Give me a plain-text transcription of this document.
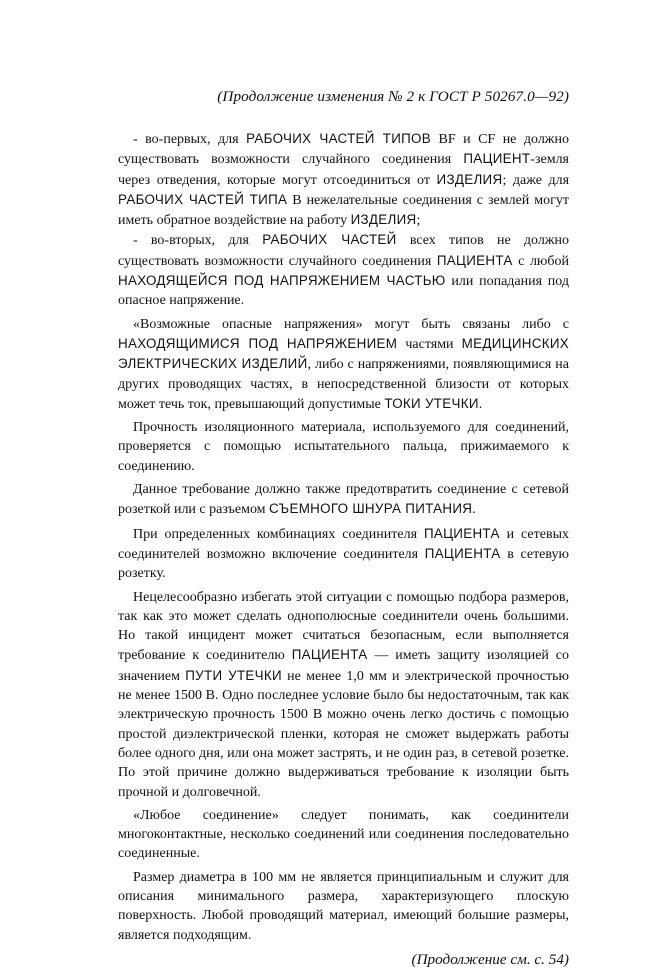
(Продолжение изменения № 2 к ГОСТ Р 50267.0—92)

- во-первых, для РАБОЧИХ ЧАСТЕЙ ТИПОВ BF и CF не должно существовать возможности случайного соединения ПАЦИЕНТ-земля через отведения, которые могут отсоединиться от ИЗДЕЛИЯ; даже для РАБОЧИХ ЧАСТЕЙ ТИПА В нежелательные соединения с землей могут иметь обратное воздействие на работу ИЗДЕЛИЯ;

- во-вторых, для РАБОЧИХ ЧАСТЕЙ всех типов не должно существовать возможности случайного соединения ПАЦИЕНТА с любой НАХОДЯЩЕЙСЯ ПОД НАПРЯЖЕНИЕМ ЧАСТЬЮ или попадания под опасное напряжение.

«Возможные опасные напряжения» могут быть связаны либо с НАХОДЯЩИМИСЯ ПОД НАПРЯЖЕНИЕМ частями МЕДИЦИНСКИХ ЭЛЕКТРИЧЕСКИХ ИЗДЕЛИЙ, либо с напряжениями, появляющимися на других проводящих частях, в непосредственной близости от которых может течь ток, превышающий допустимые ТОКИ УТЕЧКИ.

Прочность изоляционного материала, используемого для соединений, проверяется с помощью испытательного пальца, прижимаемого к соединению.

Данное требование должно также предотвратить соединение с сетевой розеткой или с разъемом СЪЕМНОГО ШНУРА ПИТАНИЯ.

При определенных комбинациях соединителя ПАЦИЕНТА и сетевых соединителей возможно включение соединителя ПАЦИЕНТА в сетевую розетку.

Нецелесообразно избегать этой ситуации с помощью подбора размеров, так как это может сделать однополюсные соединители очень большими. Но такой инцидент может считаться безопасным, если выполняется требование к соединителю ПАЦИЕНТА — иметь защиту изоляцией со значением ПУТИ УТЕЧКИ не менее 1,0 мм и электрической прочностью не менее 1500 В. Одно последнее условие было бы недостаточным, так как электрическую прочность 1500 В можно очень легко достичь с помощью простой диэлектрической пленки, которая не сможет выдержать работы более одного дня, или она может застрять, и не один раз, в сетевой розетке. По этой причине должно выдерживаться требование к изоляции быть прочной и долговечной.

«Любое соединение» следует понимать, как соединители многоконтактные, несколько соединений или соединения последовательно соединенные.

Размер диаметра в 100 мм не является принципиальным и служит для описания минимального размера, характеризующего плоскую поверхность. Любой проводящий материал, имеющий большие размеры, является подходящим.

(Продолжение см. с. 54)
